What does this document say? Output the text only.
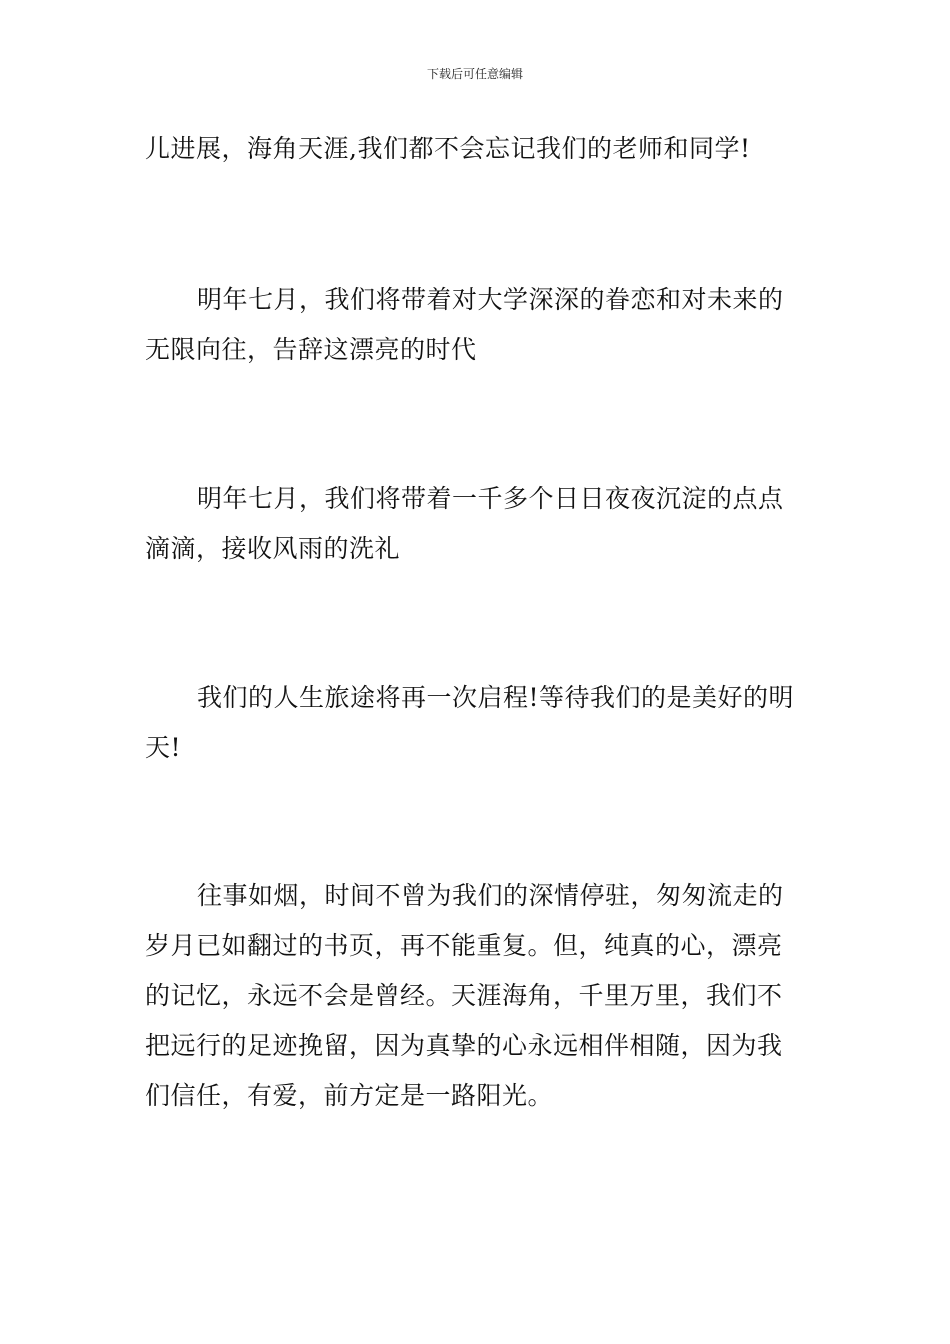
下载后可任意编辑
儿进展，海角天涯,我们都不会忘记我们的老师和同学!
明年七月，我们将带着对大学深深的眷恋和对未来的
无限向往，告辞这漂亮的时代
明年七月，我们将带着一千多个日日夜夜沉淀的点点
滴滴，接收风雨的洗礼
我们的人生旅途将再一次启程!等待我们的是美好的明
天!
往事如烟，时间不曾为我们的深情停驻，匆匆流走的
岁月已如翻过的书页，再不能重复。但，纯真的心，漂亮
的记忆，永远不会是曾经。天涯海角，千里万里，我们不
把远行的足迹挽留，因为真挚的心永远相伴相随，因为我
们信任，有爱，前方定是一路阳光。
